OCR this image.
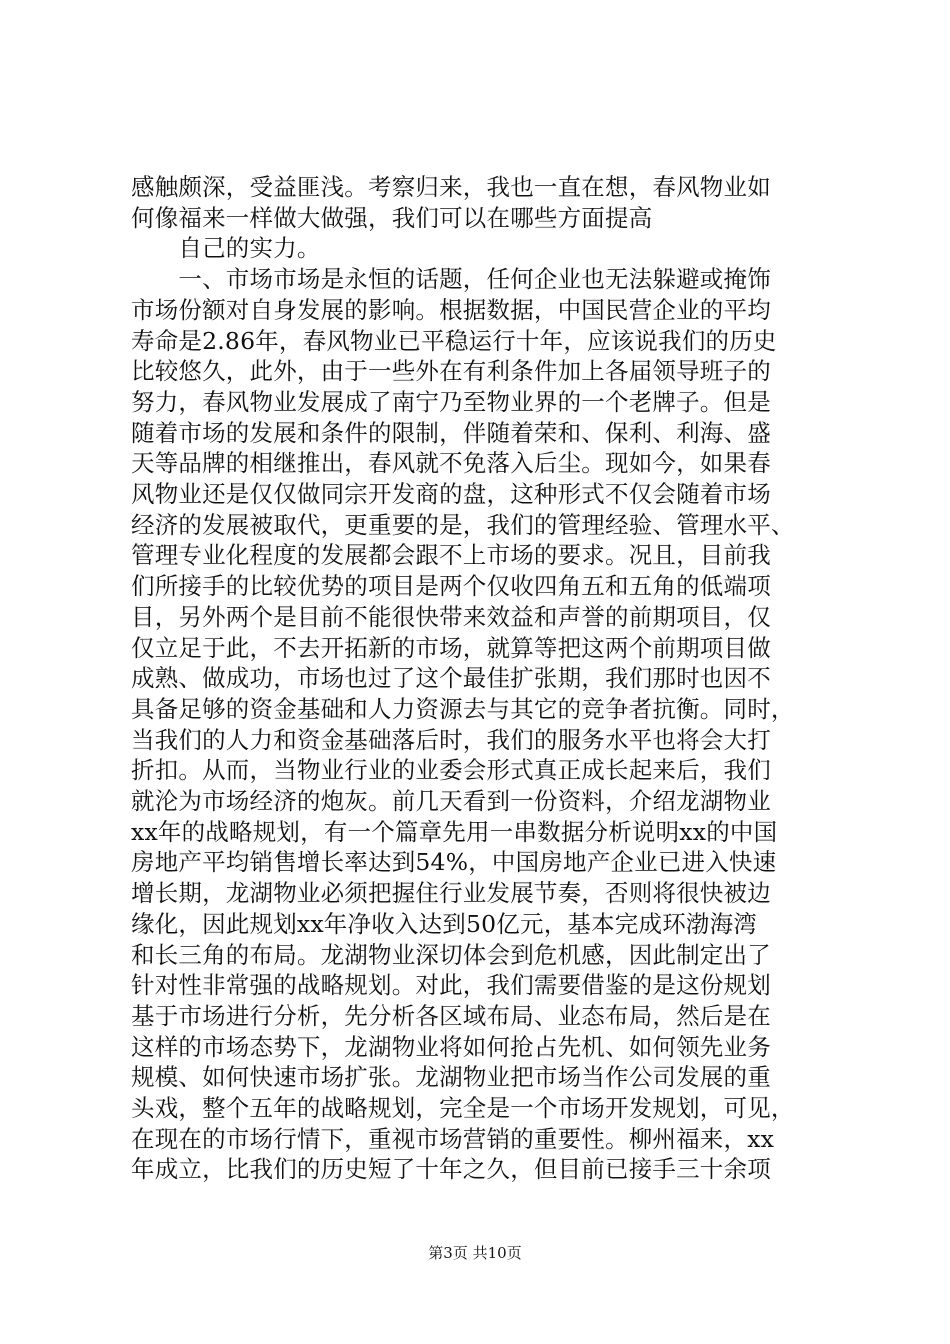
感触颇深，受益匪浅。考察归来，我也一直在想，春风物业如
何像福来一样做大做强，我们可以在哪些方面提高
　　自己的实力。
　　一、市场市场是永恒的话题，任何企业也无法躲避或掩饰
市场份额对自身发展的影响。根据数据，中国民营企业的平均
寿命是2.86年，春风物业已平稳运行十年，应该说我们的历史
比较悠久，此外，由于一些外在有利条件加上各届领导班子的
努力，春风物业发展成了南宁乃至物业界的一个老牌子。但是
随着市场的发展和条件的限制，伴随着荣和、保利、利海、盛
天等品牌的相继推出，春风就不免落入后尘。现如今，如果春
风物业还是仅仅做同宗开发商的盘，这种形式不仅会随着市场
经济的发展被取代，更重要的是，我们的管理经验、管理水平、
管理专业化程度的发展都会跟不上市场的要求。况且，目前我
们所接手的比较优势的项目是两个仅收四角五和五角的低端项
目，另外两个是目前不能很快带来效益和声誉的前期项目，仅
仅立足于此，不去开拓新的市场，就算等把这两个前期项目做
成熟、做成功，市场也过了这个最佳扩张期，我们那时也因不
具备足够的资金基础和人力资源去与其它的竞争者抗衡。同时，
当我们的人力和资金基础落后时，我们的服务水平也将会大打
折扣。从而，当物业行业的业委会形式真正成长起来后，我们
就沦为市场经济的炮灰。前几天看到一份资料，介绍龙湖物业
xx年的战略规划，有一个篇章先用一串数据分析说明xx的中国
房地产平均销售增长率达到54%，中国房地产企业已进入快速
增长期，龙湖物业必须把握住行业发展节奏，否则将很快被边
缘化，因此规划xx年净收入达到50亿元，基本完成环渤海湾
和长三角的布局。龙湖物业深切体会到危机感，因此制定出了
针对性非常强的战略规划。对此，我们需要借鉴的是这份规划
基于市场进行分析，先分析各区域布局、业态布局，然后是在
这样的市场态势下，龙湖物业将如何抢占先机、如何领先业务
规模、如何快速市场扩张。龙湖物业把市场当作公司发展的重
头戏，整个五年的战略规划，完全是一个市场开发规划，可见，
在现在的市场行情下，重视市场营销的重要性。柳州福来，xx
年成立，比我们的历史短了十年之久，但目前已接手三十余项
第3页 共10页
